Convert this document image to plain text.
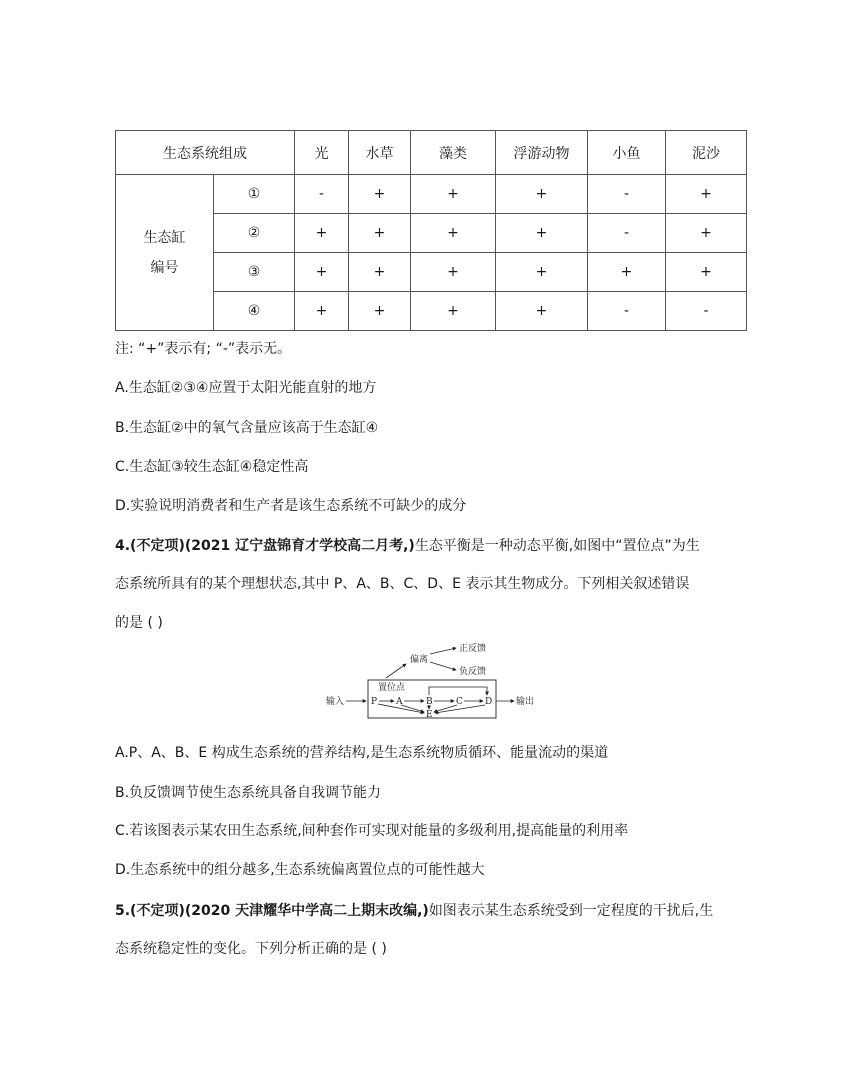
生态系统组成		光	水草	藻类	浮游动物	小鱼	泥沙

生态缸
编号	①	-	+	+	+	-	+
	②	+	+	+	+	-	+
	③	+	+	+	+	+	+
	④	+	+	+	+	-	-
注: “+”表示有; “-”表示无。
A.生态缸②③④应置于太阳光能直射的地方
B.生态缸②中的氧气含量应该高于生态缸④
C.生态缸③较生态缸④稳定性高
D.实验说明消费者和生产者是该生态系统不可缺少的成分
4.(不定项)(2021 辽宁盘锦育才学校高二月考,)生态平衡是一种动态平衡,如图中“置位点”为生
态系统所具有的某个理想状态,其中 P、A、B、C、D、E 表示其生物成分。下列相关叙述错误
的是 ( )
偏离
正反馈
负反馈
置位点
输入	P A	B	C D
E
输出
A.P、A、B、E 构成生态系统的营养结构,是生态系统物质循环、能量流动的渠道
B.负反馈调节使生态系统具备自我调节能力
C.若该图表示某农田生态系统,间种套作可实现对能量的多级利用,提高能量的利用率
D.生态系统中的组分越多,生态系统偏离置位点的可能性越大
5.(不定项)(2020 天津耀华中学高二上期末改编,)如图表示某生态系统受到一定程度的干扰后,生
态系统稳定性的变化。下列分析正确的是 ( )
